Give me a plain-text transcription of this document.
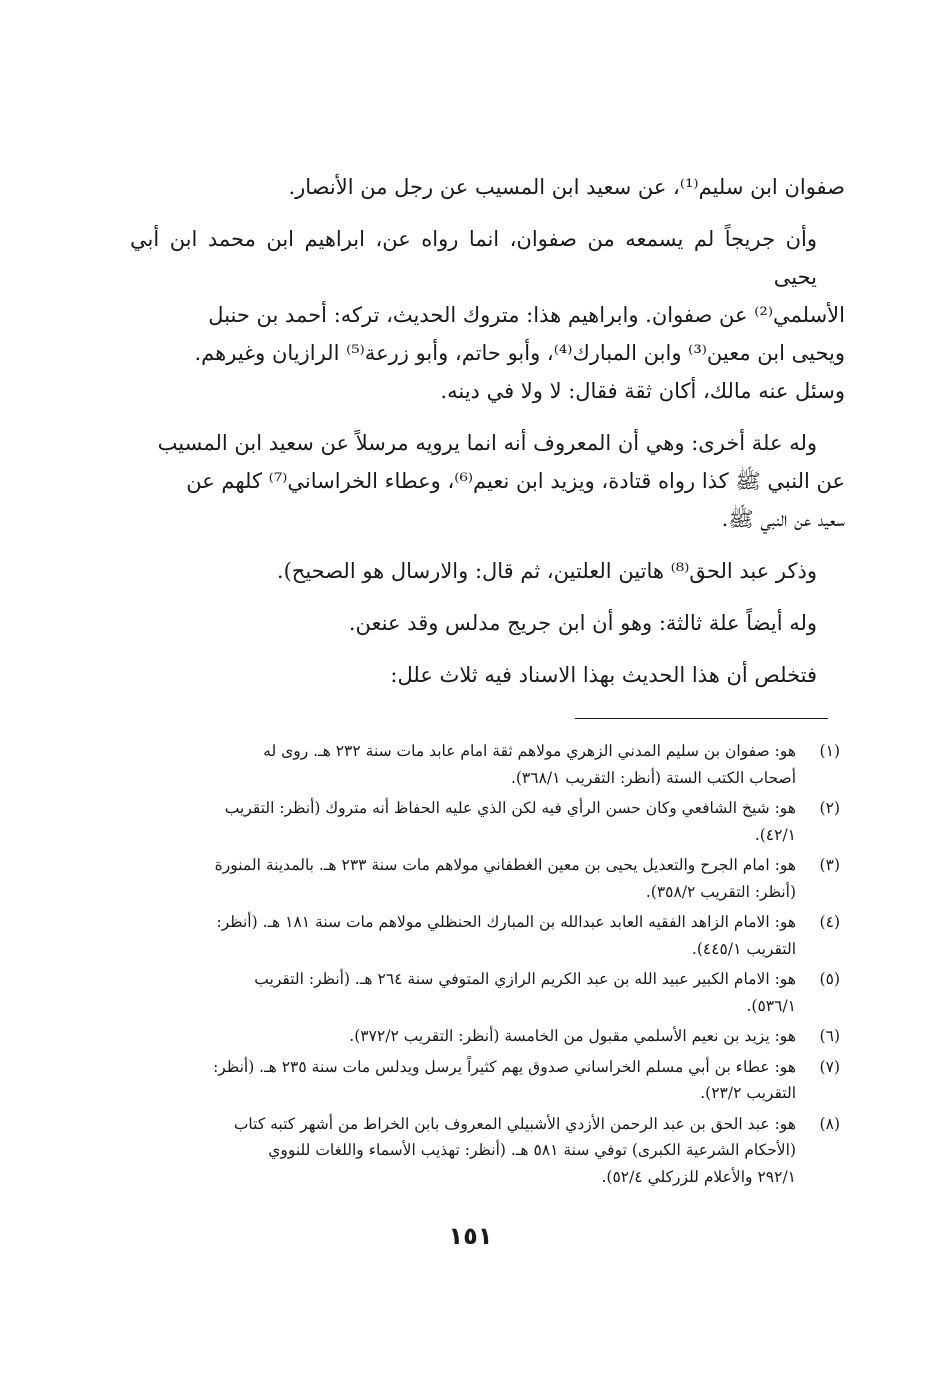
صفوان ابن سليم⁽¹⁾، عن سعيد ابن المسيب عن رجل من الأنصار.
وأن جريجاً لم يسمعه من صفوان، انما رواه عن، ابراهيم ابن محمد ابن أبي يحيى
الأسلمي⁽²⁾ عن صفوان. وابراهيم هذا: متروك الحديث، تركه: أحمد بن حنبل
ويحيى ابن معين⁽³⁾ وابن المبارك⁽⁴⁾، وأبو حاتم، وأبو زرعة⁽⁵⁾ الرازيان وغيرهم.
وسئل عنه مالك، أكان ثقة فقال: لا ولا في دينه.
وله علة أخرى: وهي أن المعروف أنه انما يرويه مرسلاً عن سعيد ابن المسيب
عن النبي ﷺ كذا رواه قتادة، ويزيد ابن نعيم⁽⁶⁾، وعطاء الخراساني⁽⁷⁾ كلهم عن
سعيد عن النبي ﷺ.
وذكر عبد الحق⁽⁸⁾ هاتين العلتين، ثم قال: والارسال هو الصحيح).
وله أيضاً علة ثالثة: وهو أن ابن جريج مدلس وقد عنعن.
فتخلص أن هذا الحديث بهذا الاسناد فيه ثلاث علل:
(١)
هو: صفوان بن سليم المدني الزهري مولاهم ثقة امام عابد مات سنة ٢٣٢ هـ. روى له
أصحاب الكتب الستة (أنظر: التقريب ٣٦٨/١).
(٢)
هو: شيخ الشافعي وكان حسن الرأي فيه لكن الذي عليه الحفاظ أنه متروك (أنظر: التقريب
٤٢/١).
(٣)
هو: امام الجرح والتعديل يحيى بن معين الغطفاني مولاهم مات سنة ٢٣٣ هـ. بالمدينة المنورة
(أنظر: التقريب ٣٥٨/٢).
(٤)
هو: الامام الزاهد الفقيه العابد عبدالله بن المبارك الحنظلي مولاهم مات سنة ١٨١ هـ. (أنظر:
التقريب ٤٤٥/١).
(٥)
هو: الامام الكبير عبيد الله بن عبد الكريم الرازي المتوفي سنة ٢٦٤ هـ. (أنظر: التقريب
٥٣٦/١).
(٦)
هو: يزيد بن نعيم الأسلمي مقبول من الخامسة (أنظر: التقريب ٣٧٢/٢).
(٧)
هو: عطاء بن أبي مسلم الخراساني صدوق يهم كثيراً يرسل ويدلس مات سنة ٢٣٥ هـ. (أنظر:
التقريب ٢٣/٢).
(٨)
هو: عبد الحق بن عبد الرحمن الأزدي الأشبيلي المعروف بابن الخراط من أشهر كتبه كتاب
(الأحكام الشرعية الكبرى) توفي سنة ٥٨١ هـ. (أنظر: تهذيب الأسماء واللغات للنووي
٢٩٢/١ والأعلام للزركلي ٥٢/٤).
١٥١
